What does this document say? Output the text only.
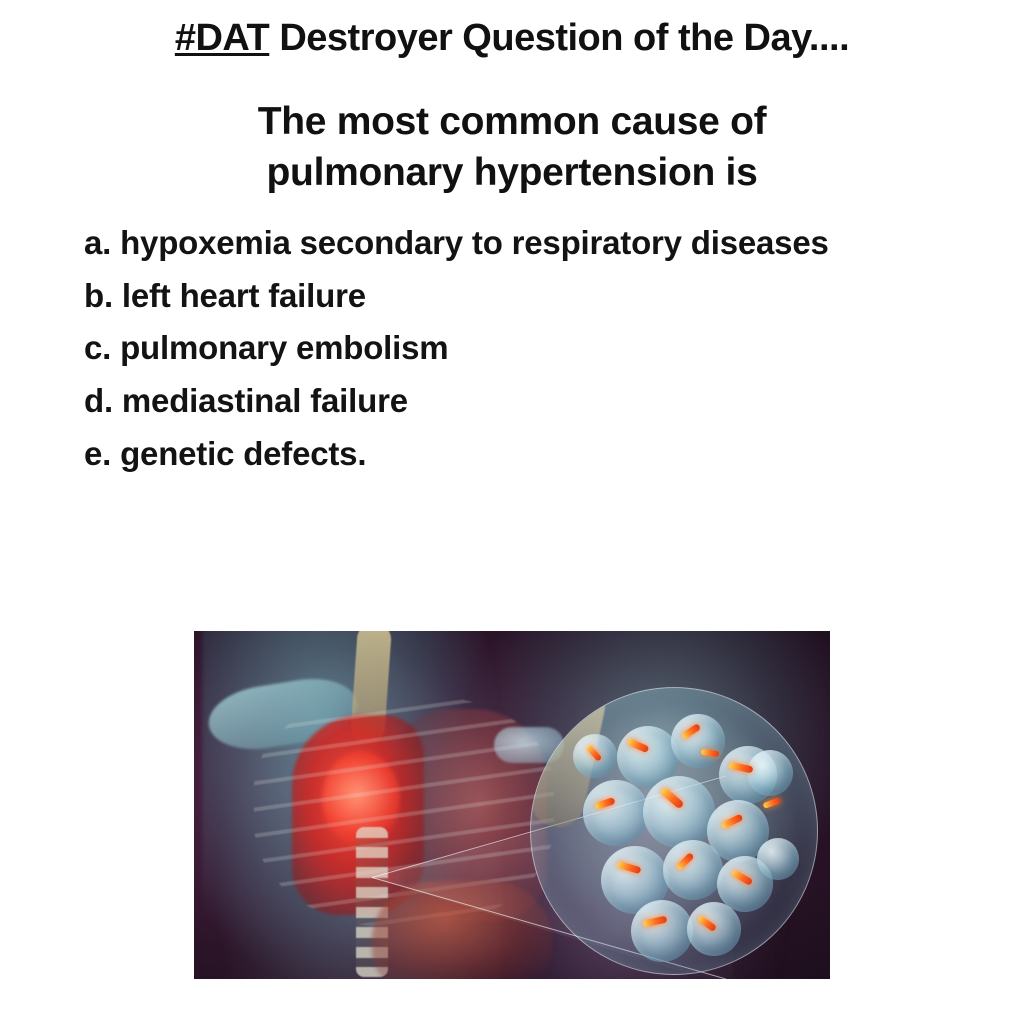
#DAT Destroyer Question of the Day....
The most common cause of pulmonary hypertension is
a. hypoxemia secondary to respiratory diseases
b. left heart failure
c. pulmonary embolism
d. mediastinal failure
e. genetic defects.
